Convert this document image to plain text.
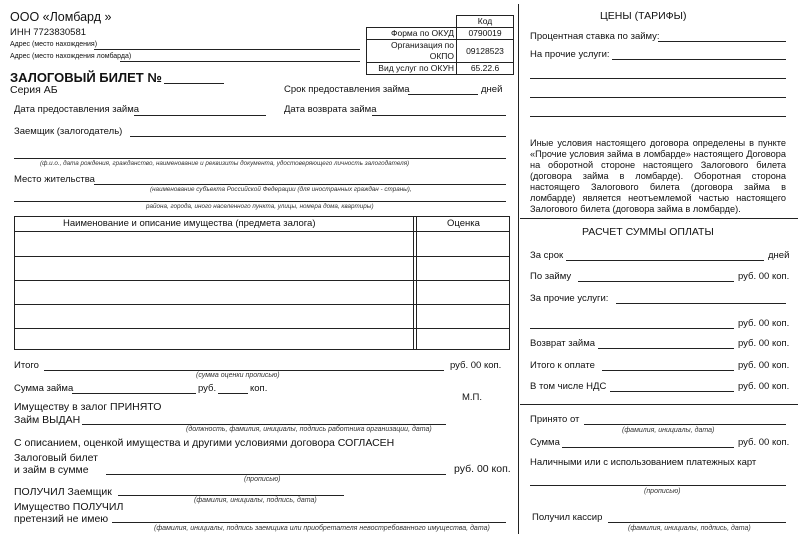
ООО «Ломбард »
ИНН 7723830581
Адрес (место нахождения)
Адрес (место нахождения ломбарда)
	Код
Форма по ОКУД	0790019
Организация по ОКПО	09128523
Вид услуг по ОКУН	65.22.6
ЗАЛОГОВЫЙ БИЛЕТ №
Серия АБ	Срок предоставления займа	дней
Дата предоставления займа	Дата возврата займа
Заемщик (залогодатель)
(ф.и.о., дата рождения, гражданство, наименование и реквизиты документа, удостоверяющего личность залогодателя)
Место жительства
(наименование субъекта Российской Федерации (для иностранных граждан - страны),
района, города, иного населенного пункта, улицы, номера дома, квартиры)
Наименование и описание имущества (предмета залога)	Оценка
Итого
(сумма оценки прописью)
руб. 00 коп.
Сумма займа	руб.	коп.
М.П.
Имуществу в залог ПРИНЯТО
Займ ВЫДАН
(должность, фамилия, инициалы, подпись работника организации, дата)
С описанием, оценкой имущества и другими условиями договора СОГЛАСЕН
Залоговый билет
и займ в сумме
(прописью)
руб. 00 коп.
ПОЛУЧИЛ Заемщик
(фамилия, инициалы, подпись, дата)
Имущество ПОЛУЧИЛ
претензий не имею
(фамилия, инициалы, подпись заемщика или приобретателя невостребованного имущества, дата)
ЦЕНЫ (ТАРИФЫ)
Процентная ставка по займу:
На прочие услуги:
Иные условия настоящего договора определены в пункте «Прочие условия займа в ломбарде» настоящего Договора на оборотной стороне настоящего Залогового билета (договора займа в ломбарде). Оборотная сторона настоящего Залогового билета (договора займа в ломбарде) является неотъемлемой частью настоящего Залогового билета (договора займа в ломбарде).
РАСЧЕТ СУММЫ ОПЛАТЫ
За срок	дней
По займу	руб. 00 коп.
За прочие услуги:
руб. 00 коп.
Возврат займа	руб. 00 коп.
Итого к оплате	руб. 00 коп.
В том числе НДС	руб. 00 коп.
Принято от
(фамилия, инициалы, дата)
Сумма	руб. 00 коп.
Наличными или с использованием платежных карт
(прописью)
Получил кассир
(фамилия, инициалы, подпись, дата)
